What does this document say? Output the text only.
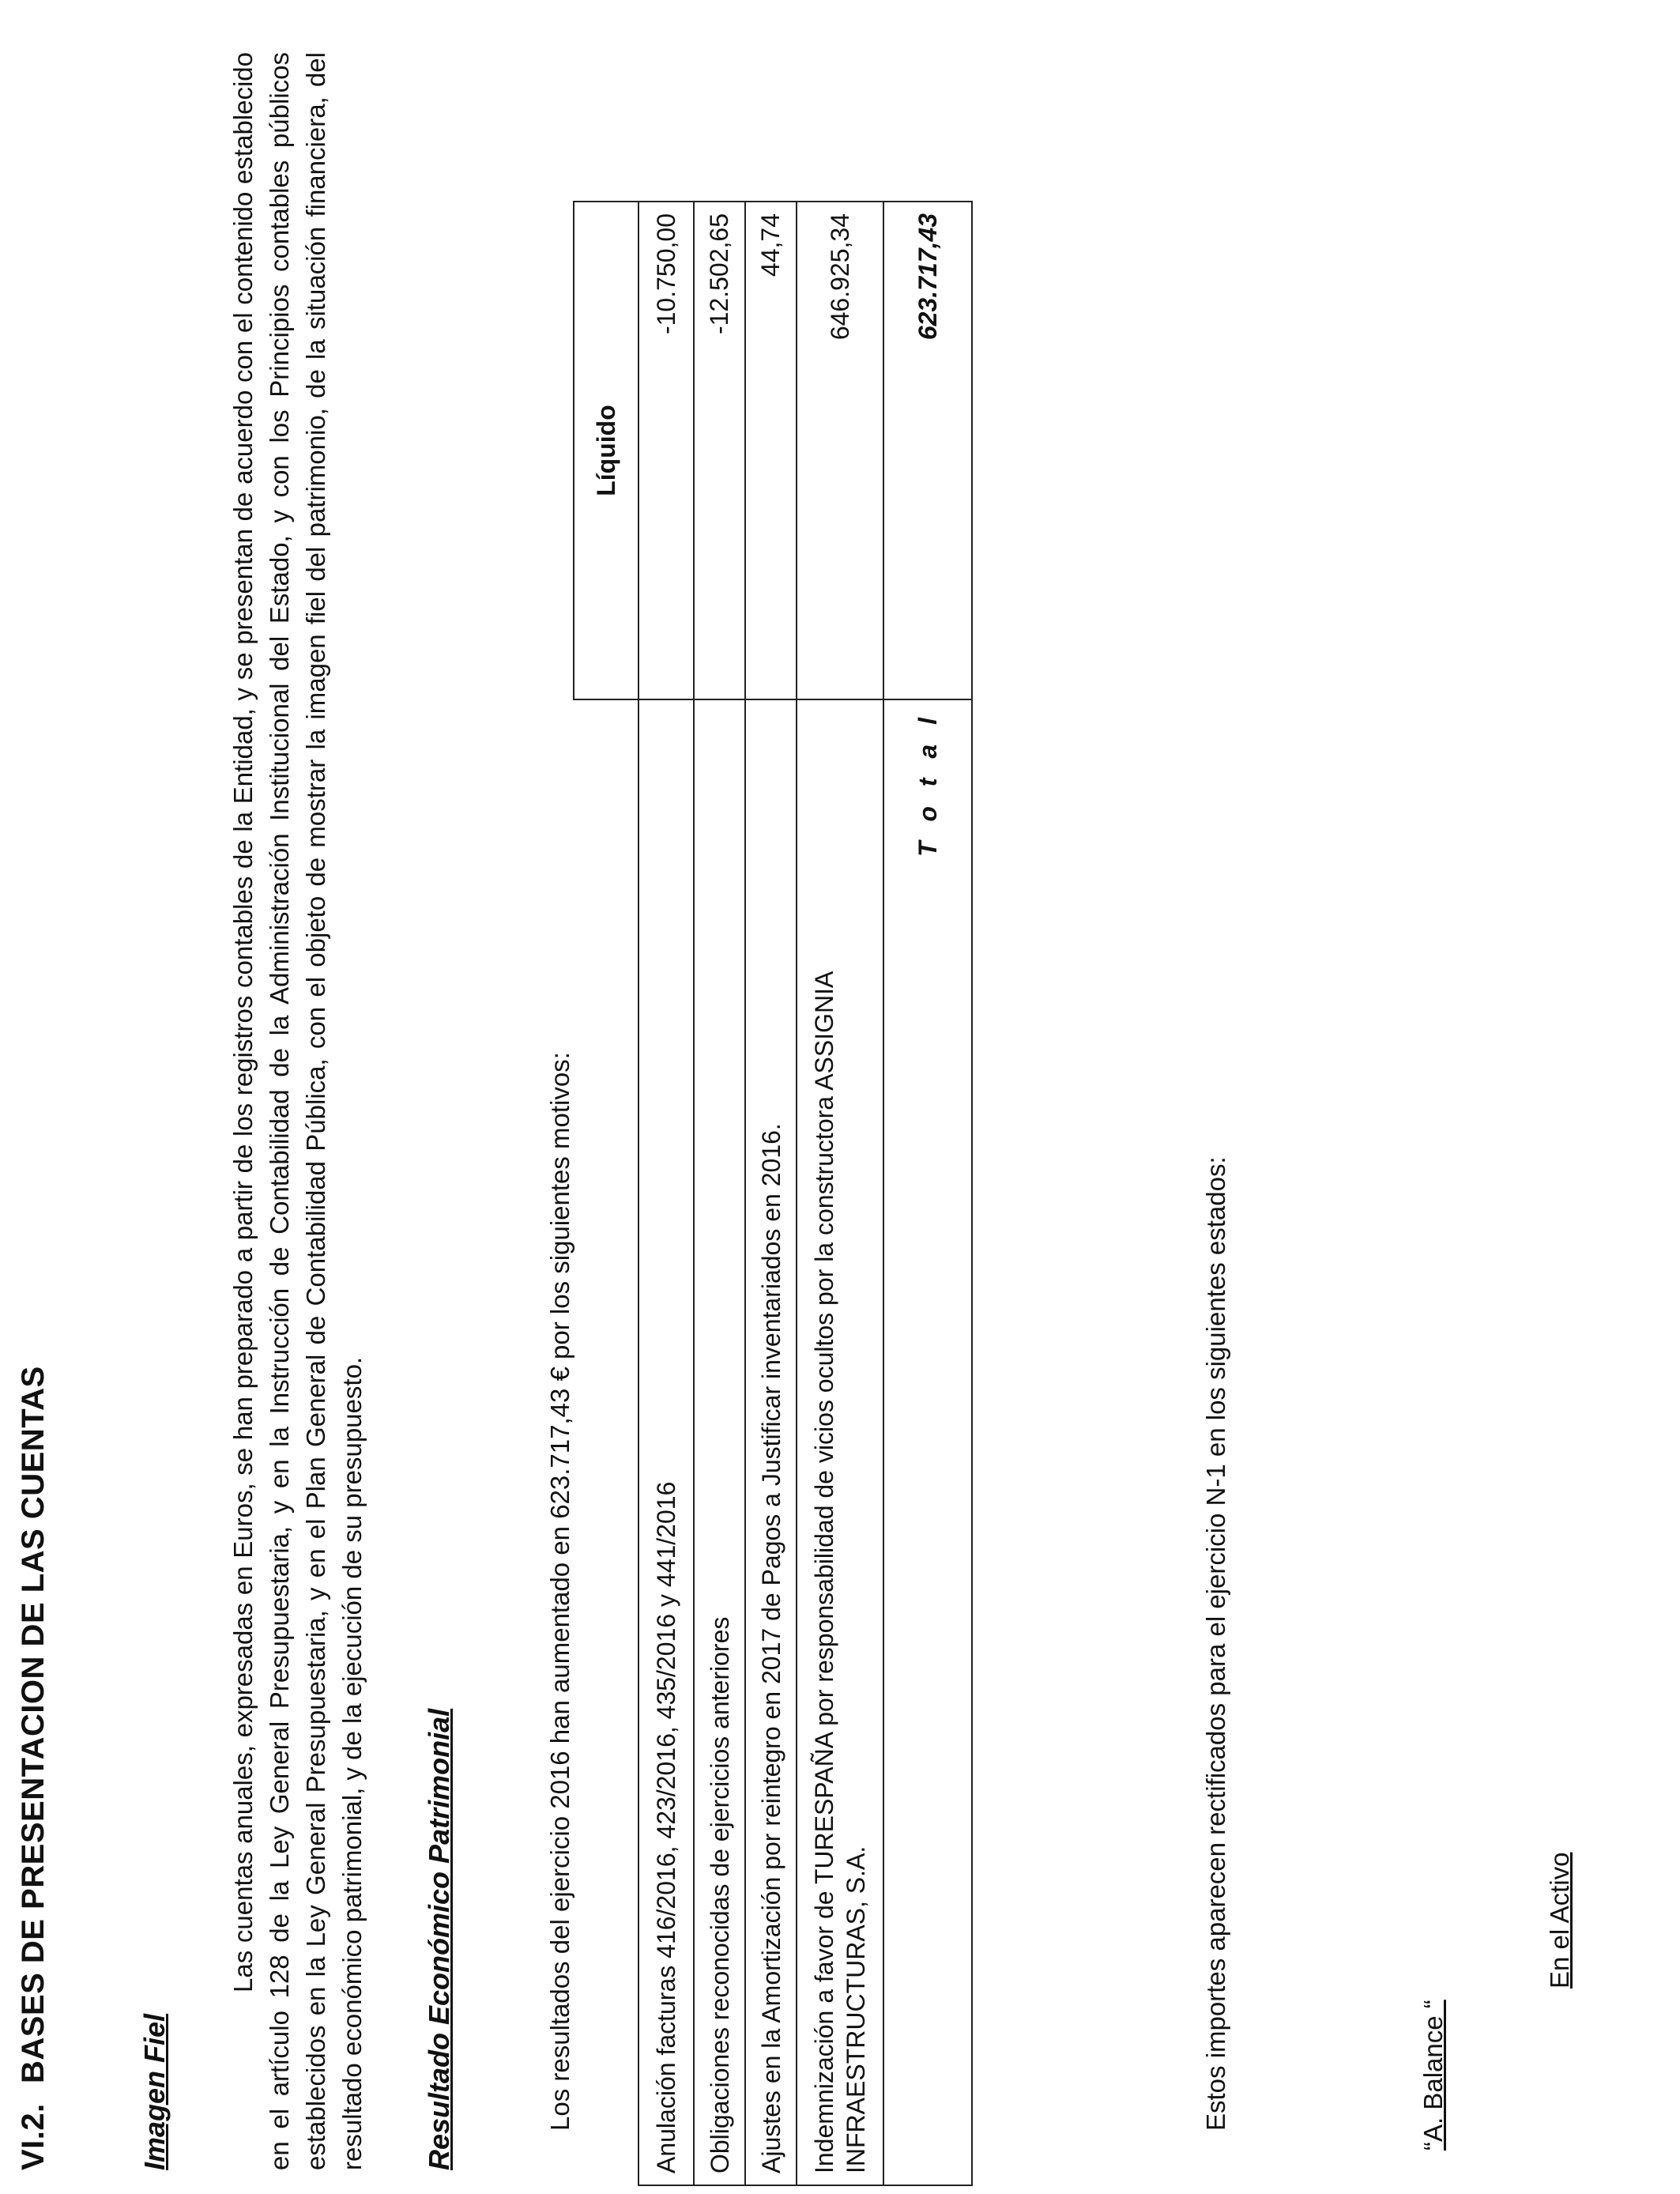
VI.2.BASES DE PRESENTACION DE LAS CUENTAS
Imagen Fiel
Las cuentas anuales, expresadas en Euros, se han preparado a partir de los registros contables de la Entidad, y se presentan de acuerdo con el contenido establecido en el artículo 128 de la Ley General Presupuestaria, y en la Instrucción de Contabilidad de la Administración Institucional del Estado, y con los Principios contables públicos establecidos en la Ley General Presupuestaria, y en el Plan General de Contabilidad Pública, con el objeto de mostrar la imagen fiel del patrimonio, de la situación financiera, del resultado económico patrimonial, y de la ejecución de su presupuesto. Resultado Económico Patrimonial	Los resultados del ejercicio 2016 han aumentado en 623.717,43 € por los siguientes motivos:
	Líquido
Anulación facturas 416/2016, 423/2016, 435/2016 y 441/2016	-10.750,00
Obligaciones reconocidas de ejercicios anteriores	-12.502,65
Ajustes en la Amortización por reintegro en 2017 de Pagos a Justificar inventariados en 2016.	44,74
Indemnización a favor de TURESPAÑA por responsabilidad de vicios ocultos por la constructora ASSIGNIA INFRAESTRUCTURAS, S.A.	646.925,34
T o t a l	623.717,43
Estos importes aparecen rectificados para el ejercicio N-1 en los siguientes estados:	“A. Balance “
En el Activo
